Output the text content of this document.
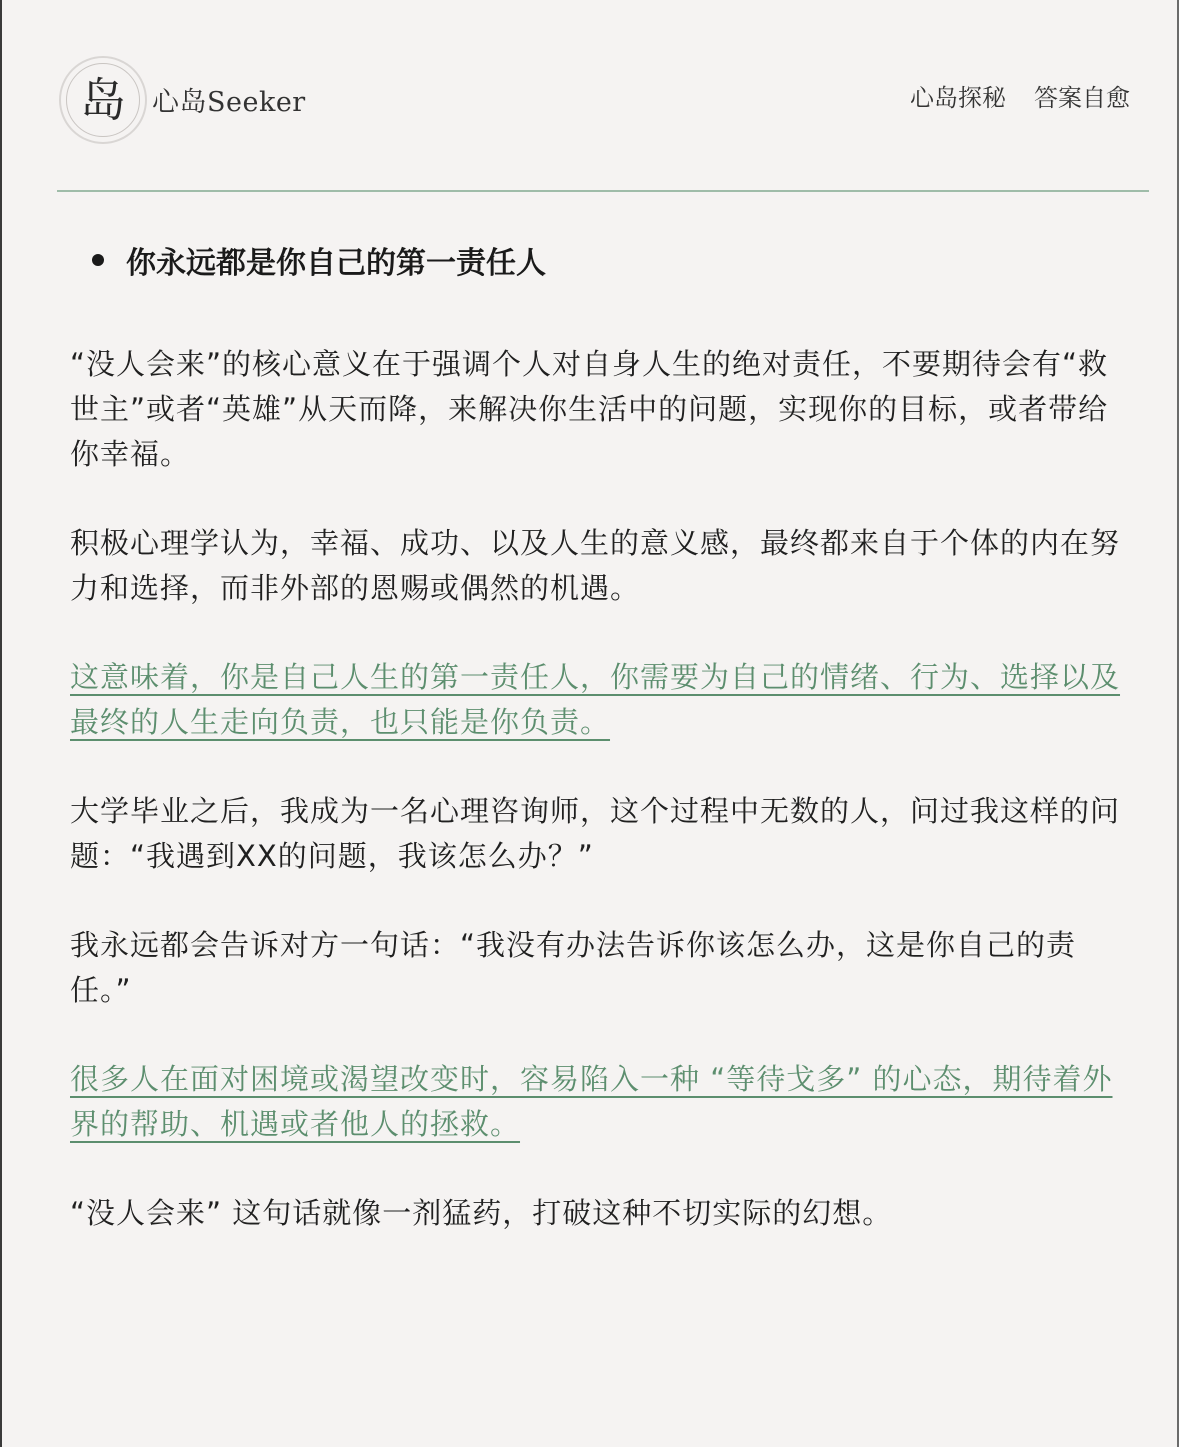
岛 心岛Seeker	心岛探秘 答案自愈
你永远都是你自己的第一责任人

“没人会来”的核心意义在于强调个人对自身人生的绝对责任，不要期待会有“救世主”或者“英雄”从天而降，来解决你生活中的问题，实现你的目标，或者带给你幸福。

积极心理学认为，幸福、成功、以及人生的意义感，最终都来自于个体的内在努力和选择，而非外部的恩赐或偶然的机遇。

这意味着，你是自己人生的第一责任人，你需要为自己的情绪、行为、选择以及最终的人生走向负责，也只能是你负责。

大学毕业之后，我成为一名心理咨询师，这个过程中无数的人，问过我这样的问题：“我遇到XX的问题，我该怎么办？”

我永远都会告诉对方一句话：“我没有办法告诉你该怎么办，这是你自己的责任。”

很多人在面对困境或渴望改变时，容易陷入一种 “等待戈多” 的心态，期待着外界的帮助、机遇或者他人的拯救。

“没人会来” 这句话就像一剂猛药，打破这种不切实际的幻想。
